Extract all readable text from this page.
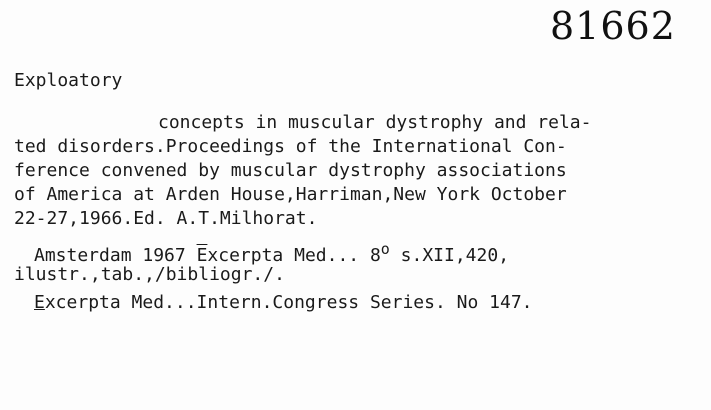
81662
Exploatory
concepts in muscular dystrophy and rela-
ted disorders.Proceedings of the International Con-
ference convened by muscular dystrophy associations
of America at Arden House,Harriman,New York October
22-27,1966.Ed. A.T.Milhorat.
Amsterdam 1967 $\overline{E}xcerpta$ Med... 8$^o$ s.XII,420,
ilustr.,tab.,/bibliogr./.
Excerpta Med...Intern.Congress Series. No 147.
